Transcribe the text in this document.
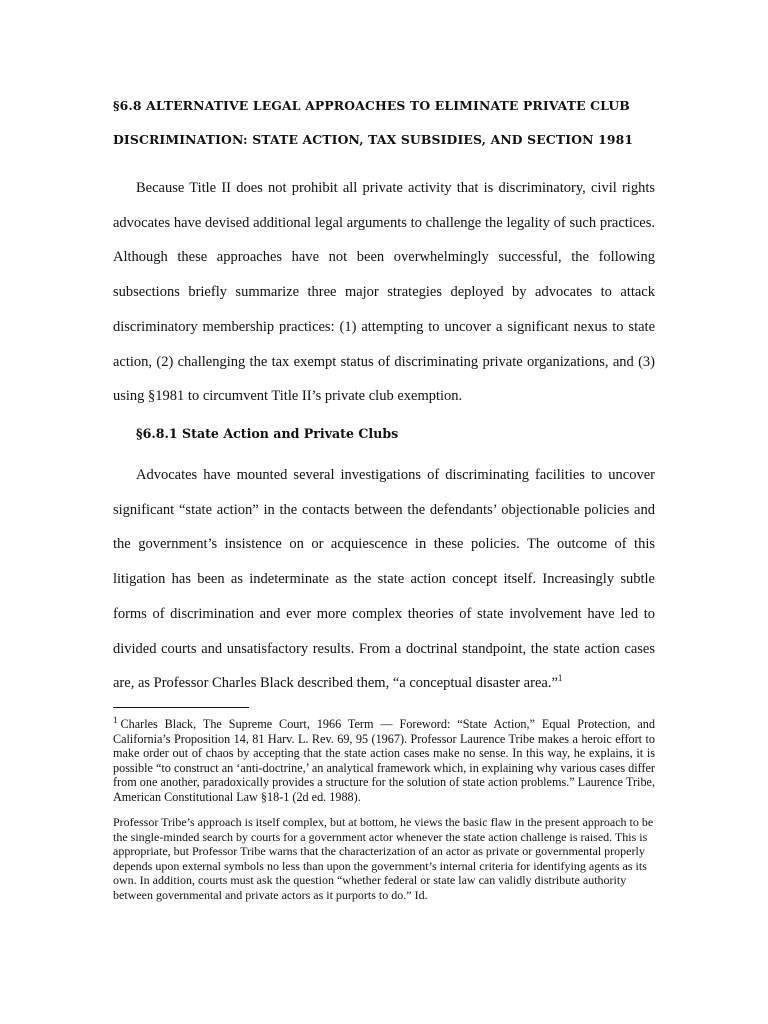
§6.8 ALTERNATIVE LEGAL APPROACHES TO ELIMINATE PRIVATE CLUB DISCRIMINATION: STATE ACTION, TAX SUBSIDIES, AND SECTION 1981

Because Title II does not prohibit all private activity that is discriminatory, civil rights advocates have devised additional legal arguments to challenge the legality of such practices. Although these approaches have not been overwhelmingly successful, the following subsections briefly summarize three major strategies deployed by advocates to attack discriminatory membership practices: (1) attempting to uncover a significant nexus to state action, (2) challenging the tax exempt status of discriminating private organizations, and (3) using §1981 to circumvent Title II’s private club exemption.

§6.8.1 State Action and Private Clubs

Advocates have mounted several investigations of discriminating facilities to uncover significant “state action” in the contacts between the defendants’ objectionable policies and the government’s insistence on or acquiescence in these policies. The outcome of this litigation has been as indeterminate as the state action concept itself. Increasingly subtle forms of discrimination and ever more complex theories of state involvement have led to divided courts and unsatisfactory results. From a doctrinal standpoint, the state action cases are, as Professor Charles Black described them, “a conceptual disaster area.”$^1$

$^1$ Charles Black, The Supreme Court, 1966 Term — Foreword: “State Action,” Equal Protection, and California’s Proposition 14, 81 Harv. L. Rev. 69, 95 (1967). Professor Laurence Tribe makes a heroic effort to make order out of chaos by accepting that the state action cases make no sense. In this way, he explains, it is possible “to construct an ‘anti-doctrine,’ an analytical framework which, in explaining why various cases differ from one another, paradoxically provides a structure for the solution of state action problems.” Laurence Tribe, American Constitutional Law §18-1 (2d ed. 1988).

Professor Tribe’s approach is itself complex, but at bottom, he views the basic flaw in the present approach to be the single-minded search by courts for a government actor whenever the state action challenge is raised. This is appropriate, but Professor Tribe warns that the characterization of an actor as private or governmental properly depends upon external symbols no less than upon the government’s internal criteria for identifying agents as its own. In addition, courts must ask the question “whether federal or state law can validly distribute authority between governmental and private actors as it purports to do.” Id.
